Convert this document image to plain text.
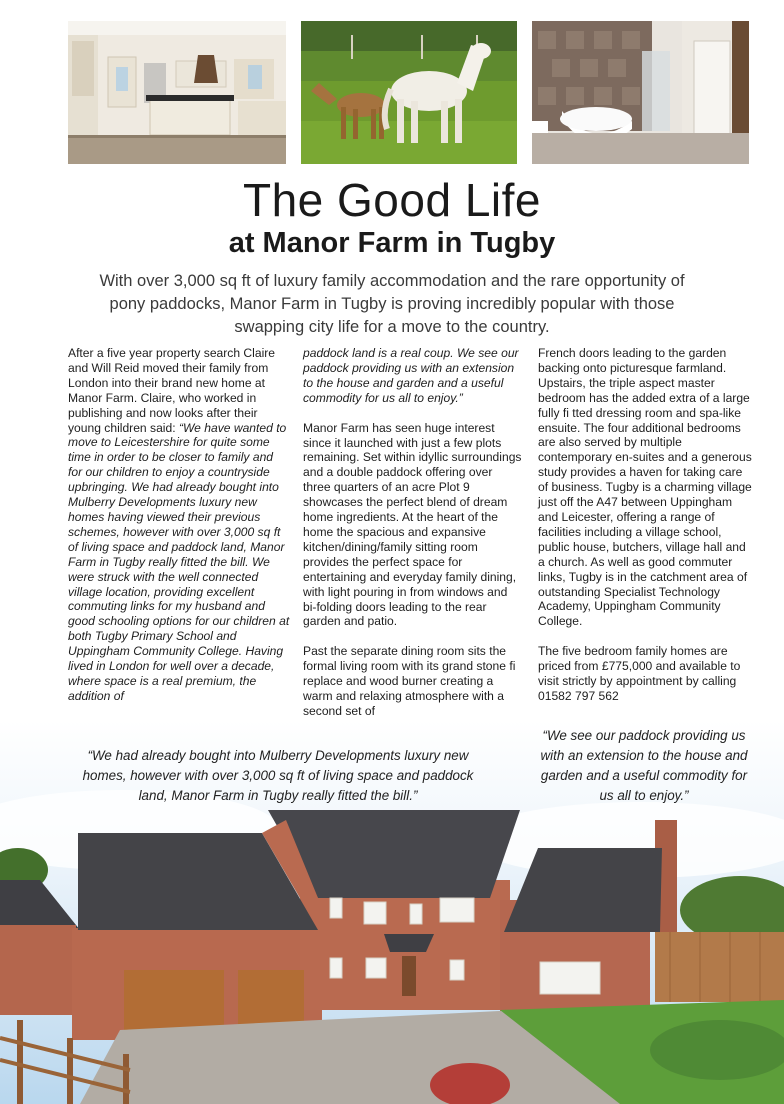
The Good Life
at Manor Farm in Tugby

With over 3,000 sq ft of luxury family accommodation and the rare opportunity of pony paddocks, Manor Farm in Tugby is proving incredibly popular with those swapping city life for a move to the country.

After a five year property search Claire and Will Reid moved their family from London into their brand new home at Manor Farm. Claire, who worked in publishing and now looks after their young children said: “We have wanted to move to Leicestershire for quite some time in order to be closer to family and for our children to enjoy a countryside upbringing. We had already bought into Mulberry Developments luxury new homes having viewed their previous schemes, however with over 3,000 sq ft of living space and paddock land, Manor Farm in Tugby really fitted the bill. We were struck with the well connected village location, providing excellent commuting links for my husband and good schooling options for our children at both Tugby Primary School and Uppingham Community College. Having lived in London for well over a decade, where space is a real premium, the addition of

paddock land is a real coup. We see our paddock providing us with an extension to the house and garden and a useful commodity for us all to enjoy.”

Manor Farm has seen huge interest since it launched with just a few plots remaining. Set within idyllic surroundings and a double paddock offering over three quarters of an acre Plot 9 showcases the perfect blend of dream home ingredients. At the heart of the home the spacious and expansive kitchen/dining/family sitting room provides the perfect space for entertaining and everyday family dining, with light pouring in from windows and bi-folding doors leading to the rear garden and patio.

Past the separate dining room sits the formal living room with its grand stone fi replace and wood burner creating a warm and relaxing atmosphere with a second set of

French doors leading to the garden backing onto picturesque farmland. Upstairs, the triple aspect master bedroom has the added extra of a large fully fi tted dressing room and spa-like ensuite. The four additional bedrooms are also served by multiple contemporary en-suites and a generous study provides a haven for taking care of business. Tugby is a charming village just off the A47 between Uppingham and Leicester, offering a range of facilities including a village school, public house, butchers, village hall and a church. As well as good commuter links, Tugby is in the catchment area of outstanding Specialist Technology Academy, Uppingham Community College.

The five bedroom family homes are priced from £775,000 and available to visit strictly by appointment by calling 01582 797 562

“We had already bought into Mulberry Developments luxury new homes, however with over 3,000 sq ft of living space and paddock land, Manor Farm in Tugby really fitted the bill.”

“We see our paddock providing us with an extension to the house and garden and a useful commodity for us all to enjoy.”
